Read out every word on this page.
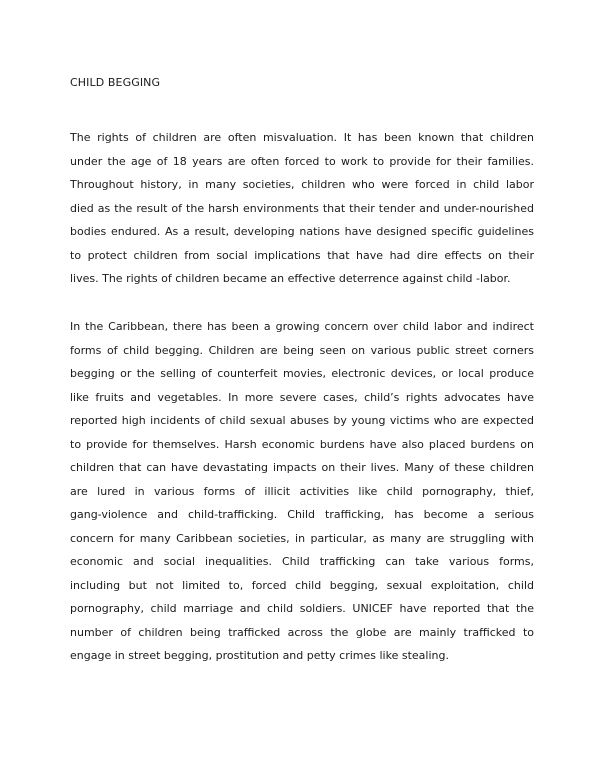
CHILD BEGGING
The rights of children are often misvaluation. It has been known that children
under the age of 18 years are often forced to work to provide for their families.
Throughout history, in many societies, children who were forced in child labor
died as the result of the harsh environments that their tender and under-nourished
bodies endured. As a result, developing nations have designed specific guidelines
to protect children from social implications that have had dire effects on their
lives. The rights of children became an effective deterrence against child -labor.
In the Caribbean, there has been a growing concern over child labor and indirect
forms of child begging. Children are being seen on various public street corners
begging or the selling of counterfeit movies, electronic devices, or local produce
like fruits and vegetables. In more severe cases, child’s rights advocates have
reported high incidents of child sexual abuses by young victims who are expected
to provide for themselves. Harsh economic burdens have also placed burdens on
children that can have devastating impacts on their lives. Many of these children
are lured in various forms of illicit activities like child pornography, thief,
gang-violence and child-trafficking. Child trafficking, has become a serious
concern for many Caribbean societies, in particular, as many are struggling with
economic and social inequalities. Child trafficking can take various forms,
including but not limited to, forced child begging, sexual exploitation, child
pornography, child marriage and child soldiers. UNICEF have reported that the
number of children being trafficked across the globe are mainly trafficked to
engage in street begging, prostitution and petty crimes like stealing.
